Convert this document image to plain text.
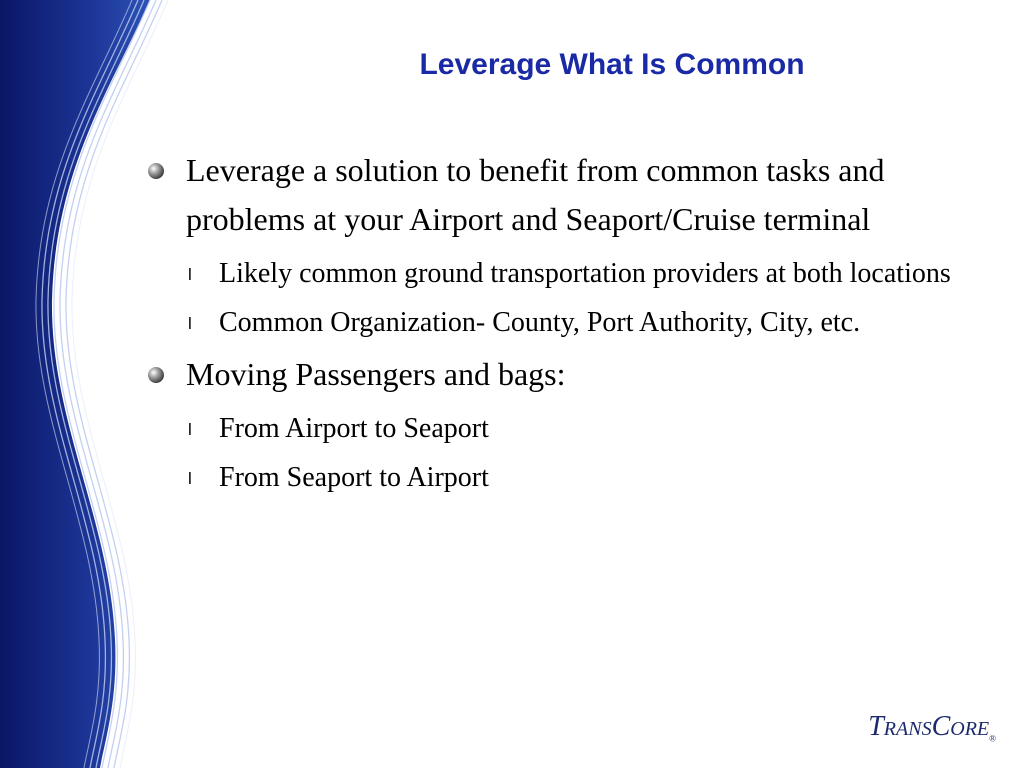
Leverage What Is Common
Leverage a solution to benefit from common tasks and problems at your Airport and Seaport/Cruise terminal
l Likely common ground transportation providers at both locations
l Common Organization- County, Port Authority, City, etc.
Moving Passengers and bags:
l From Airport to Seaport
l From Seaport to Airport
$TRANSCORE_®$
